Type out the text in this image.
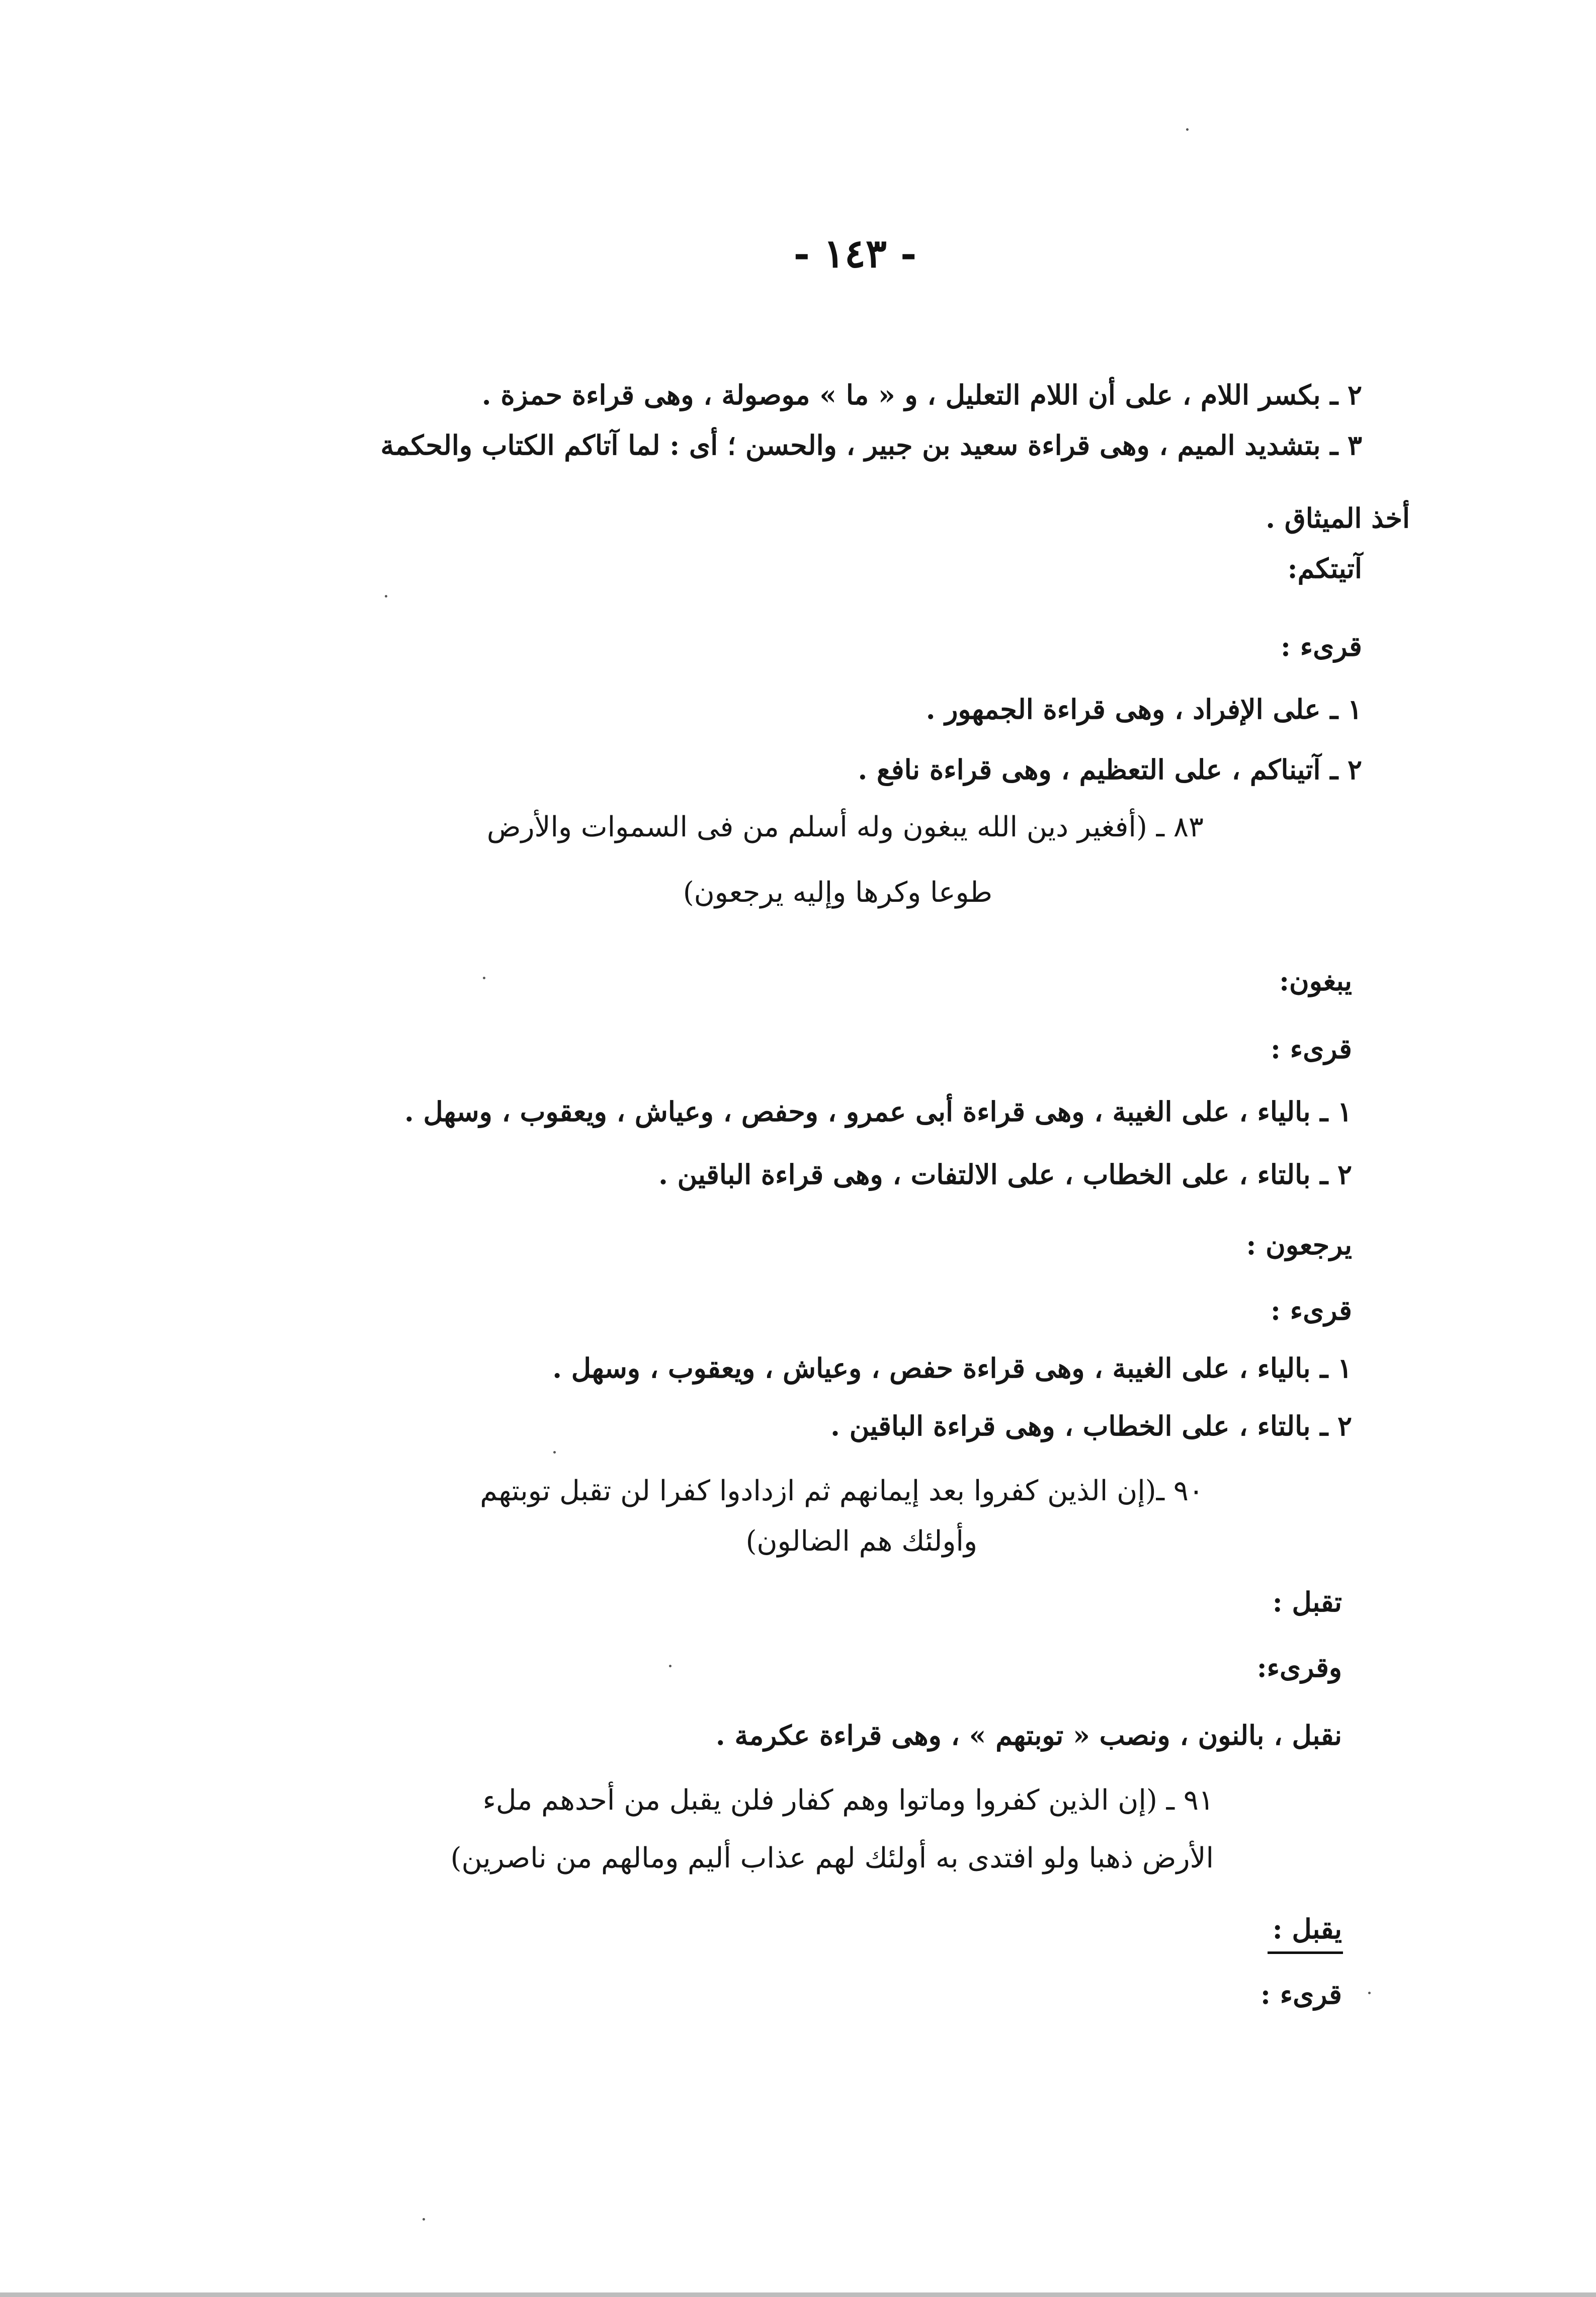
- ١٤٣ -
٢ ـ بكسر اللام ، على أن اللام التعليل ، و « ما » موصولة ، وهى قراءة حمزة .
٣ ـ بتشديد الميم ، وهى قراءة سعيد بن جبير ، والحسن ؛ أى : لما آتاكم الكتاب والحكمة
أخذ الميثاق .
آتيتكم:
قرىء :
١ ـ على الإفراد ، وهى قراءة الجمهور .
٢ ـ آتيناكم ، على التعظيم ، وهى قراءة نافع .
٨٣ ـ (أفغير دين الله يبغون وله أسلم من فى السموات والأرض
طوعا وكرها وإليه يرجعون)
يبغون:
قرىء :
١ ـ بالياء ، على الغيبة ، وهى قراءة أبى عمرو ، وحفص ، وعياش ، ويعقوب ، وسهل .
٢ ـ بالتاء ، على الخطاب ، على الالتفات ، وهى قراءة الباقين .
يرجعون :
قرىء :
١ ـ بالياء ، على الغيبة ، وهى قراءة حفص ، وعياش ، ويعقوب ، وسهل .
٢ ـ بالتاء ، على الخطاب ، وهى قراءة الباقين .
٩٠ ـ(إن الذين كفروا بعد إيمانهم ثم ازدادوا كفرا لن تقبل توبتهم
وأولئك هم الضالون)
تقبل :
وقرىء:
نقبل ، بالنون ، ونصب « توبتهم » ، وهى قراءة عكرمة .
٩١ ـ (إن الذين كفروا وماتوا وهم كفار فلن يقبل من أحدهم ملء
الأرض ذهبا ولو افتدى به أولئك لهم عذاب أليم ومالهم من ناصرين)
يقبل :
قرىء :
